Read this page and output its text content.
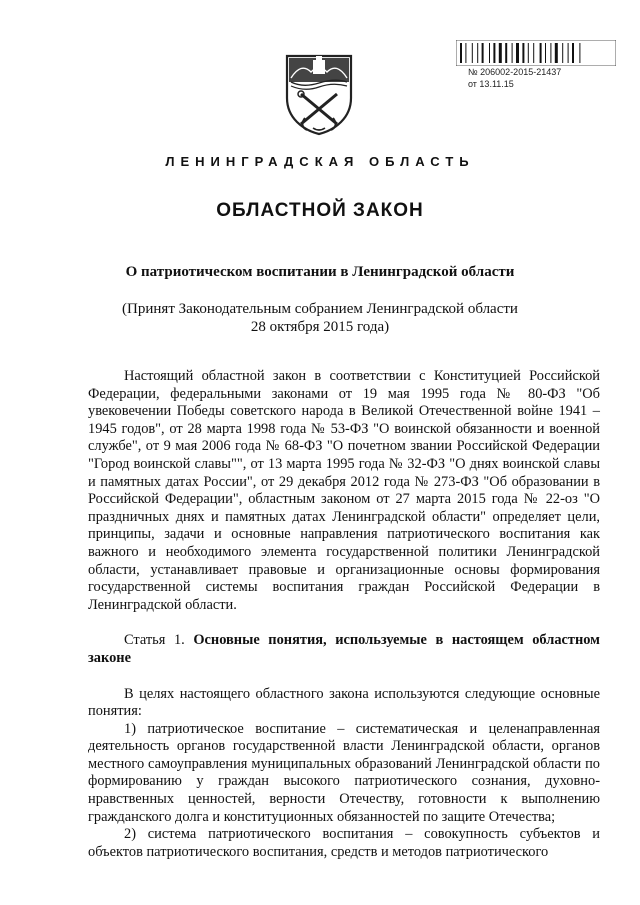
№ 206002-2015-21437
от 13.11.15
ЛЕНИНГРАДСКАЯ ОБЛАСТЬ
ОБЛАСТНОЙ ЗАКОН
О патриотическом воспитании в Ленинградской области
(Принят Законодательным собранием Ленинградской области
28 октября 2015 года)

Настоящий областной закон в соответствии с Конституцией Российской Федерации, федеральными законами от 19 мая 1995 года № 80-ФЗ "Об увековечении Победы советского народа в Великой Отечественной войне 1941 – 1945 годов", от 28 марта 1998 года № 53-ФЗ "О воинской обязанности и военной службе", от 9 мая 2006 года № 68-ФЗ "О почетном звании Российской Федерации "Город воинской славы"", от 13 марта 1995 года № 32-ФЗ "О днях воинской славы и памятных датах России", от 29 декабря 2012 года № 273-ФЗ "Об образовании в Российской Федерации", областным законом от 27 марта 2015 года № 22-оз "О праздничных днях и памятных датах Ленинградской области" определяет цели, принципы, задачи и основные направления патриотического воспитания как важного и необходимого элемента государственной политики Ленинградской области, устанавливает правовые и организационные основы формирования государственной системы воспитания граждан Российской Федерации в Ленинградской области.

Статья 1. Основные понятия, используемые в настоящем областном законе

В целях настоящего областного закона используются следующие основные понятия:

1) патриотическое воспитание – систематическая и целенаправленная деятельность органов государственной власти Ленинградской области, органов местного самоуправления муниципальных образований Ленинградской области по формированию у граждан высокого патриотического сознания, духовно-нравственных ценностей, верности Отечеству, готовности к выполнению гражданского долга и конституционных обязанностей по защите Отечества;

2) система патриотического воспитания – совокупность субъектов и объектов патриотического воспитания, средств и методов патриотического
